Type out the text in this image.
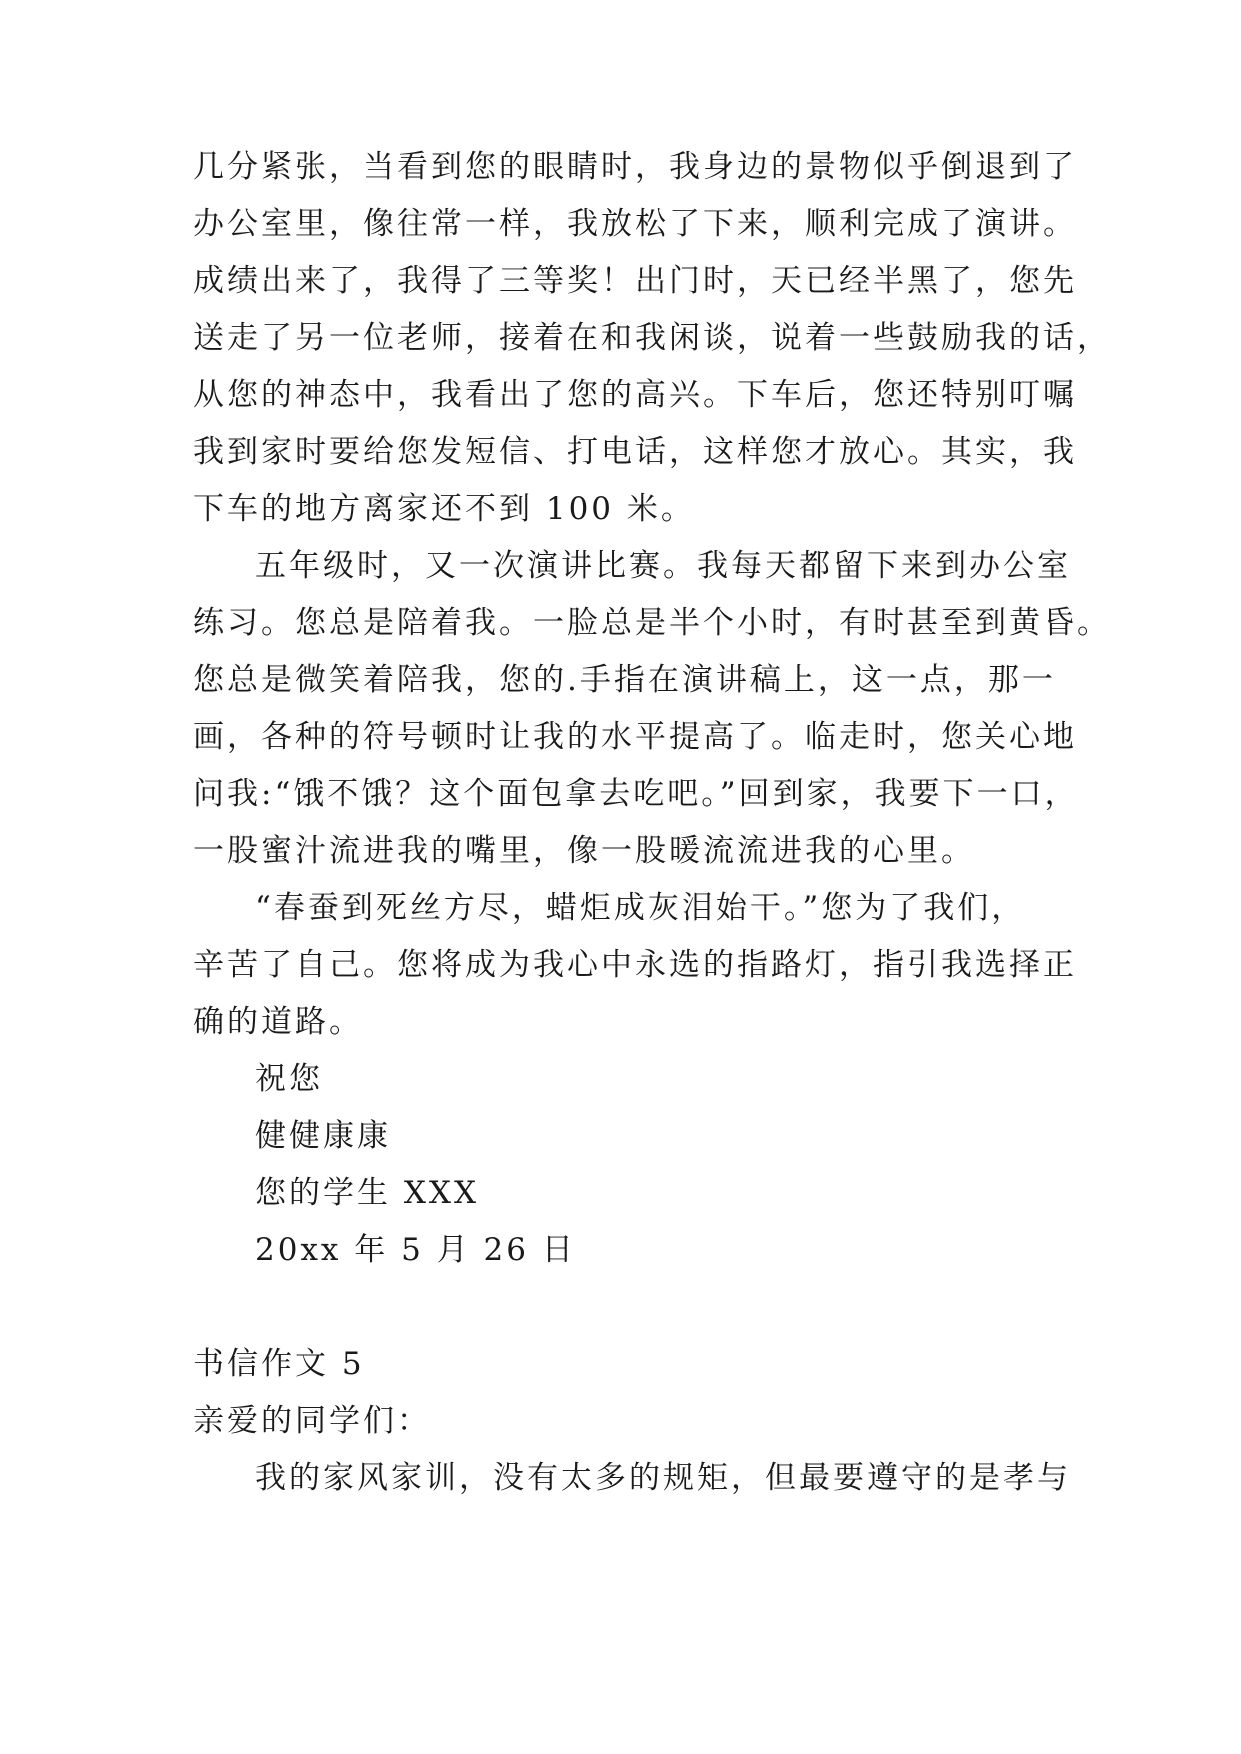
几分紧张，当看到您的眼睛时，我身边的景物似乎倒退到了
办公室里，像往常一样，我放松了下来，顺利完成了演讲。
成绩出来了，我得了三等奖！出门时，天已经半黑了，您先
送走了另一位老师，接着在和我闲谈，说着一些鼓励我的话，
从您的神态中，我看出了您的高兴。下车后，您还特别叮嘱
我到家时要给您发短信、打电话，这样您才放心。其实，我
下车的地方离家还不到 100 米。
五年级时，又一次演讲比赛。我每天都留下来到办公室
练习。您总是陪着我。一脸总是半个小时，有时甚至到黄昏。
您总是微笑着陪我，您的.手指在演讲稿上，这一点，那一
画，各种的符号顿时让我的水平提高了。临走时，您关心地
问我:“饿不饿？这个面包拿去吃吧。”回到家，我要下一口，
一股蜜汁流进我的嘴里，像一股暖流流进我的心里。
“春蚕到死丝方尽，蜡炬成灰泪始干。”您为了我们，
辛苦了自己。您将成为我心中永选的指路灯，指引我选择正
确的道路。
祝您
健健康康
您的学生 XXX
20xx 年 5 月 26 日
书信作文 5
亲爱的同学们：
我的家风家训，没有太多的规矩，但最要遵守的是孝与
